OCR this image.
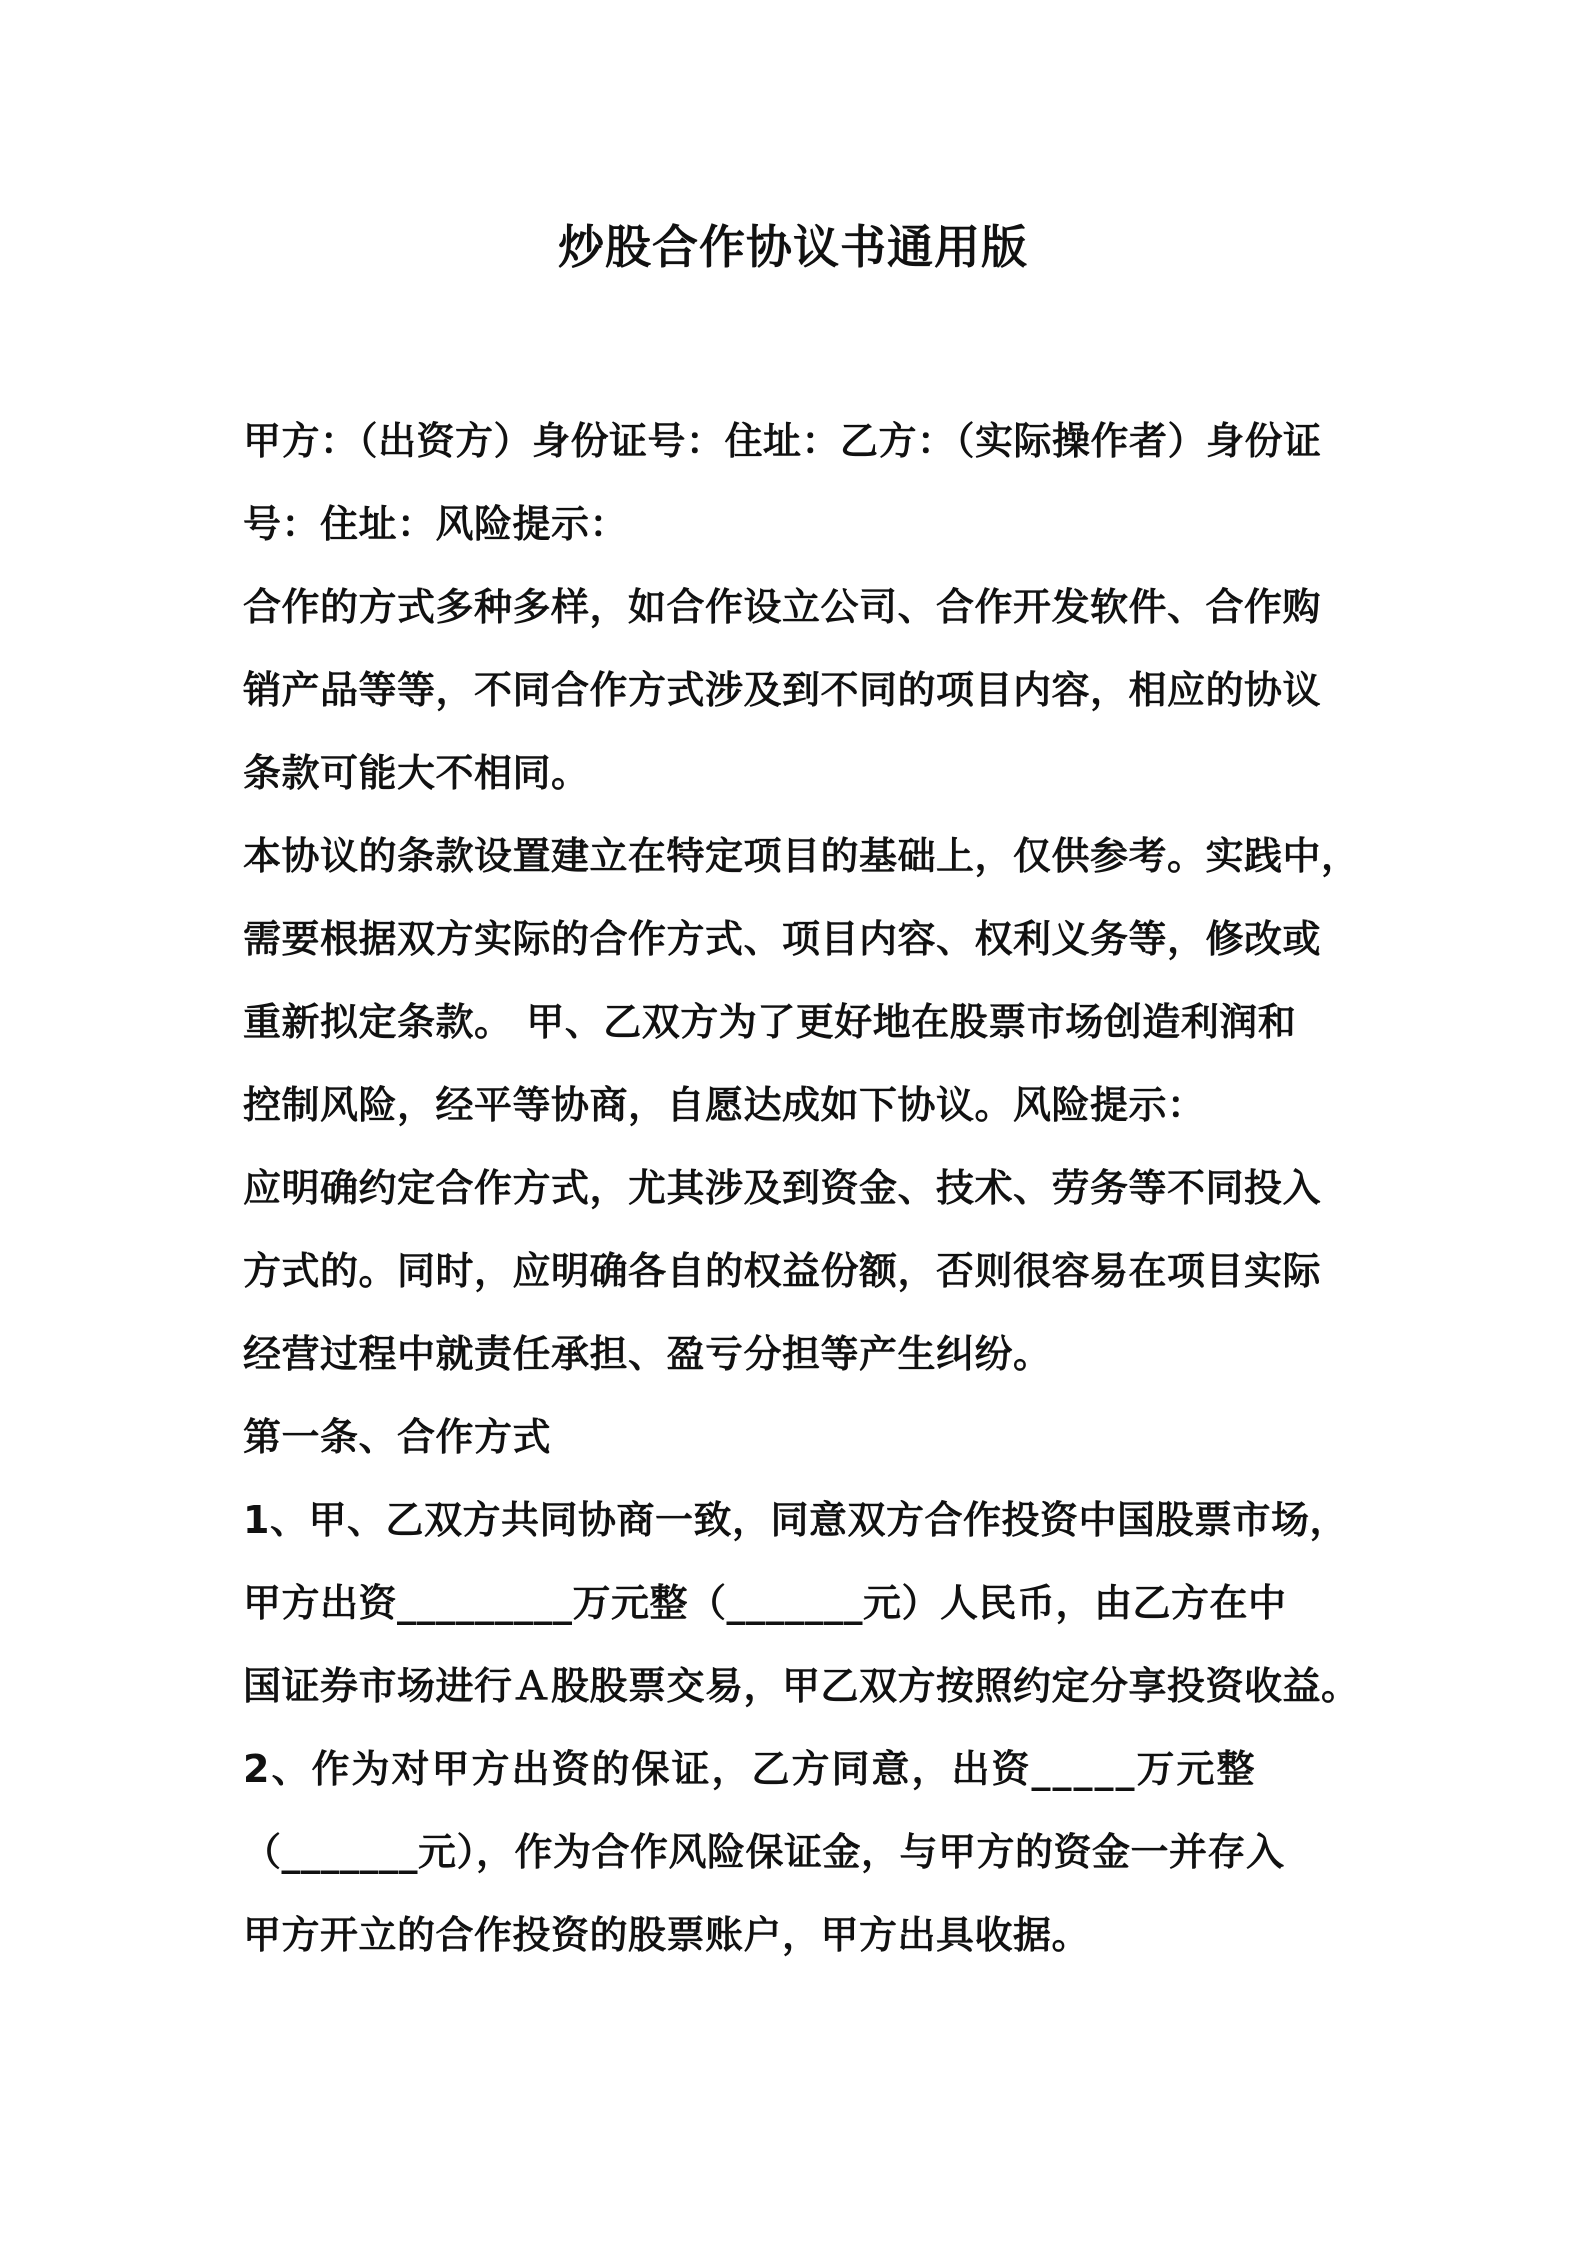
炒股合作协议书通用版
甲方：（出资方）身份证号：住址：乙方：（实际操作者）身份证
号：住址：风险提示：
合作的方式多种多样，如合作设立公司、合作开发软件、合作购
销产品等等，不同合作方式涉及到不同的项目内容，相应的协议
条款可能大不相同。
本协议的条款设置建立在特定项目的基础上，仅供参考。实践中，
需要根据双方实际的合作方式、项目内容、权利义务等，修改或
重新拟定条款。 甲、乙双方为了更好地在股票市场创造利润和
控制风险，经平等协商，自愿达成如下协议。风险提示：
应明确约定合作方式，尤其涉及到资金、技术、劳务等不同投入
方式的。同时，应明确各自的权益份额，否则很容易在项目实际
经营过程中就责任承担、盈亏分担等产生纠纷。
第一条、合作方式
1、甲、乙双方共同协商一致，同意双方合作投资中国股票市场，
甲方出资_________万元整（_______元）人民币，由乙方在中
国证券市场进行Ａ股股票交易，甲乙双方按照约定分享投资收益。
2、作为对甲方出资的保证，乙方同意，出资_____万元整
（_______元），作为合作风险保证金，与甲方的资金一并存入
甲方开立的合作投资的股票账户，甲方出具收据。
